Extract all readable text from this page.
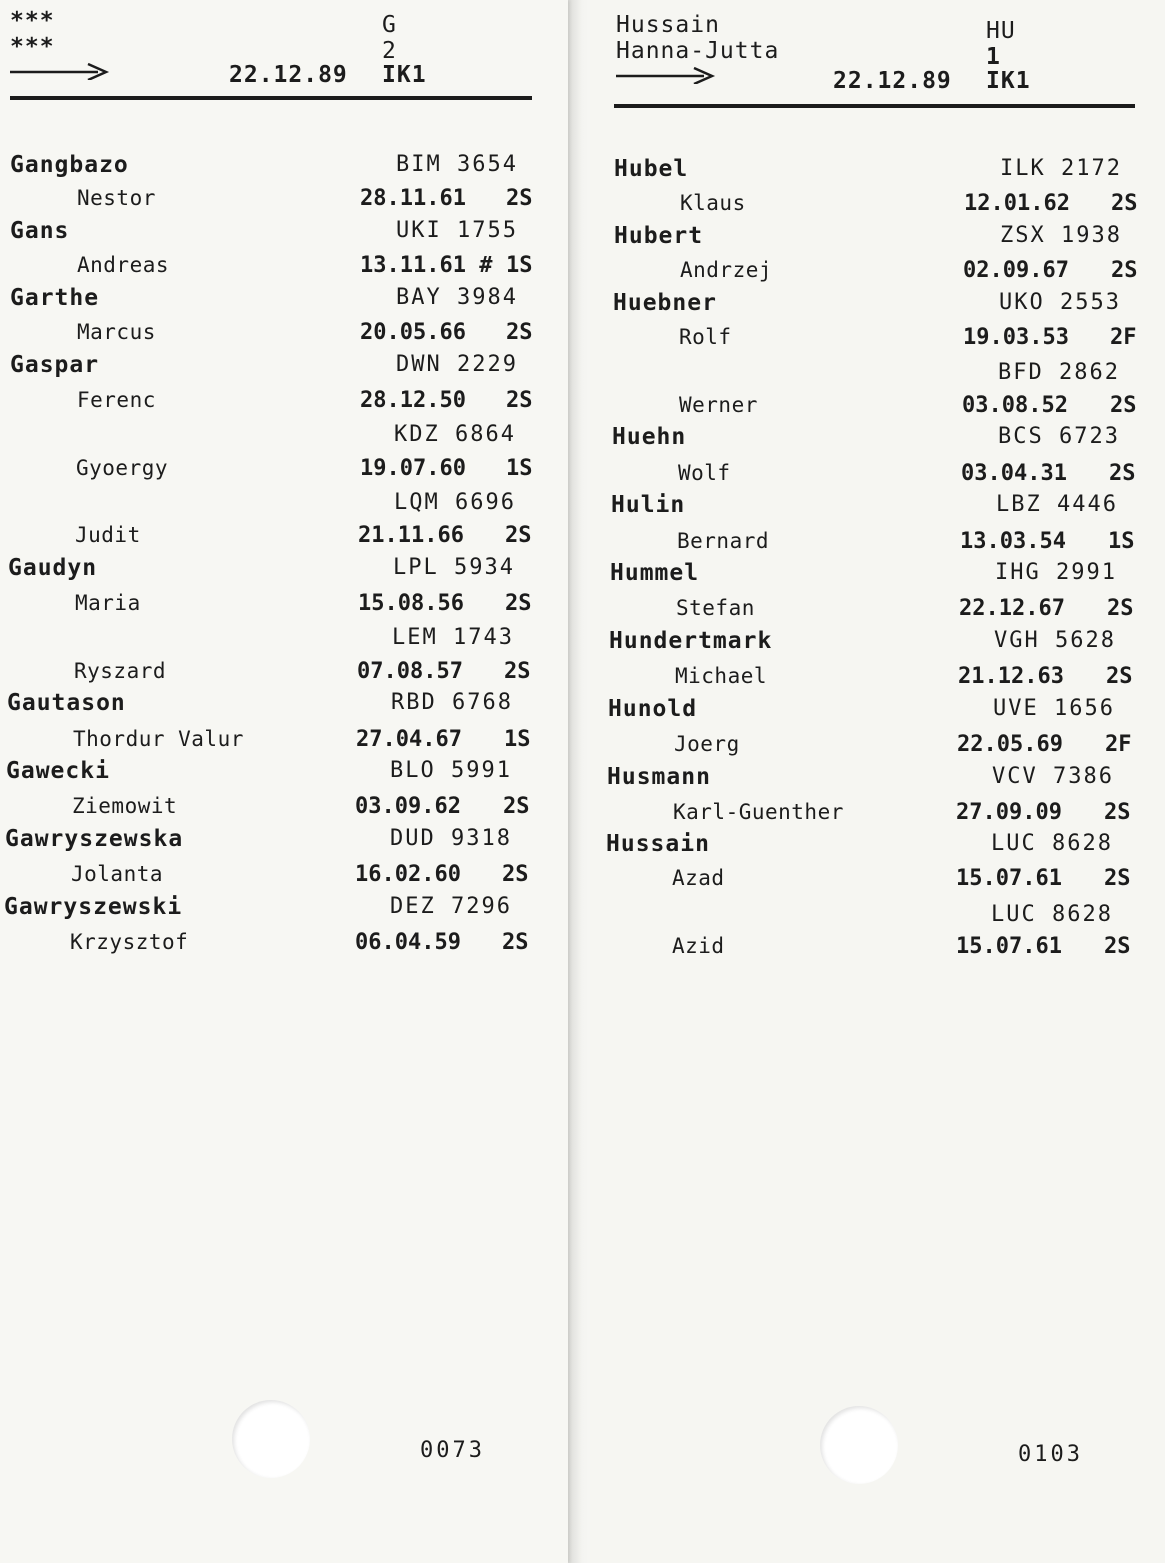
***
***
G
2
22.12.89 IK1
Gangbazo	BIM 3654
Nestor	28.11.61 2S
Gans	UKI 1755
Andreas	13.11.61 # 1S
Garthe	BAY 3984
Marcus	20.05.66 2S
Gaspar	DWN 2229
Ferenc	28.12.50 2S
KDZ 6864
Gyoergy	19.07.60 1S
LQM 6696
Judit	21.11.66 2S
Gaudyn	LPL 5934
Maria	15.08.56 2S
LEM 1743
Ryszard	07.08.57 2S
Gautason	RBD 6768
Thordur Valur	27.04.67 1S
Gawecki	BLO 5991
Ziemowit	03.09.62 2S
Gawryszewska	DUD 9318
Jolanta	16.02.60 2S
Gawryszewski	DEZ 7296
Krzysztof	06.04.59 2S
0073
Hussain
Hanna-Jutta
HU
1
22.12.89 IK1
Hubel	ILK 2172
Klaus	12.01.62 2S
Hubert	ZSX 1938
Andrzej	02.09.67 2S
Huebner	UKO 2553
Rolf	19.03.53 2F
BFD 2862
Werner	03.08.52 2S
Huehn	BCS 6723
Wolf	03.04.31 2S
Hulin	LBZ 4446
Bernard	13.03.54 1S
Hummel	IHG 2991
Stefan	22.12.67 2S
Hundertmark	VGH 5628
Michael	21.12.63 2S
Hunold	UVE 1656
Joerg	22.05.69 2F
Husmann	VCV 7386
Karl-Guenther	27.09.09 2S
Hussain	LUC 8628
Azad	15.07.61 2S
LUC 8628
Azid	15.07.61 2S
0103
